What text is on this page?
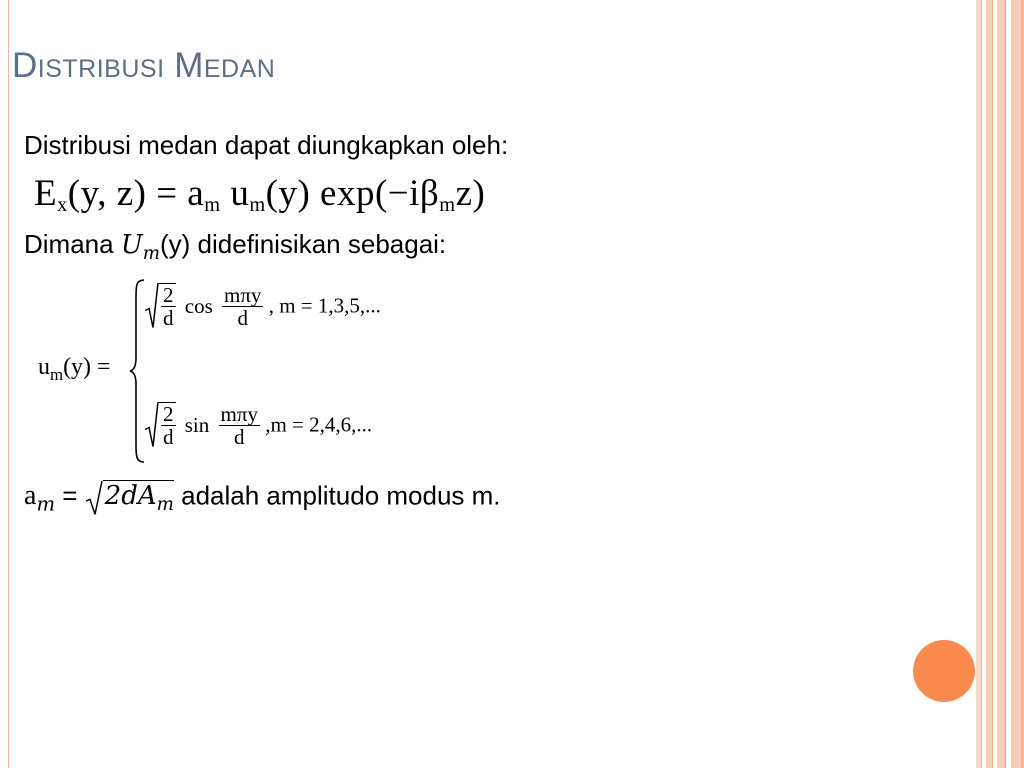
DISTRIBUSI MEDAN
Distribusi medan dapat diungkapkan oleh:
$E_x(y$, $z) = a_m$ $u_m(y)$ $\exp(-i\beta_mz)$
Dimana $U_m(y)$ didefinisikan sebagai:
$u_m(y)$ =
$\frac{2}{d}$ $\cos \frac{\text{mπy}}{d}$ , m = 1,3,5,...
$\frac{2}{d}$ $\sin \frac{\text{mπy}}{d} ,m = 2,4,6$,...
$a_m$ =
$2dA_m$ adalah amplitudo modus m.
